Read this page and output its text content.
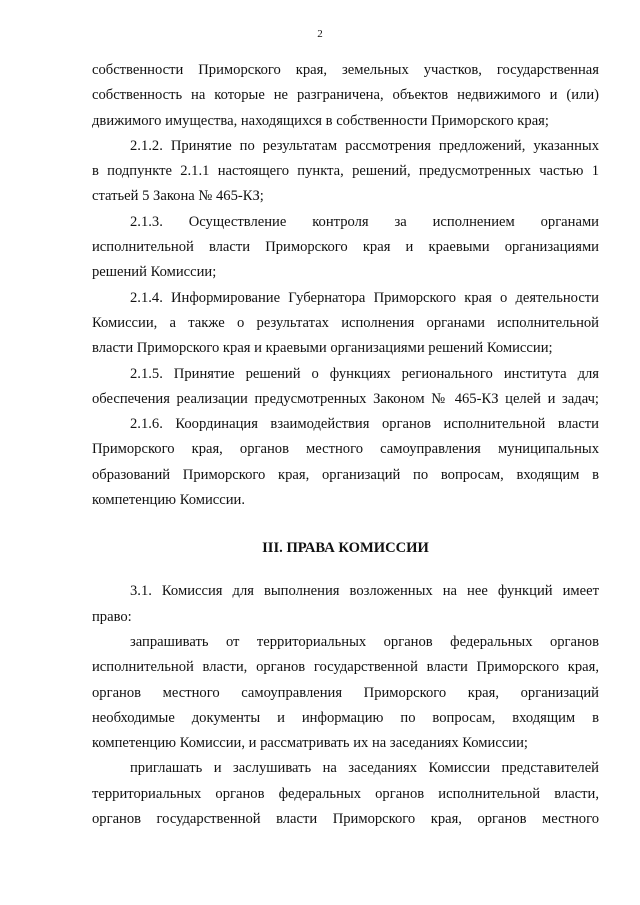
2
собственности Приморского края, земельных участков, государственная
собственность на которые не разграничена, объектов недвижимого и (или)
движимого имущества, находящихся в собственности Приморского края;
2.1.2. Принятие по результатам рассмотрения предложений, указанных
в подпункте 2.1.1 настоящего пункта, решений, предусмотренных частью 1
статьей 5 Закона № 465-КЗ;
2.1.3. Осуществление контроля за исполнением органами
исполнительной власти Приморского края и краевыми организациями
решений Комиссии;
2.1.4. Информирование Губернатора Приморского края о деятельности
Комиссии, а также о результатах исполнения органами исполнительной
власти Приморского края и краевыми организациями решений Комиссии;
2.1.5. Принятие решений о функциях регионального института для
обеспечения реализации предусмотренных Законом № 465-КЗ целей и задач;
2.1.6. Координация взаимодействия органов исполнительной власти
Приморского края, органов местного самоуправления муниципальных
образований Приморского края, организаций по вопросам, входящим в
компетенцию Комиссии.
III. ПРАВА КОМИССИИ
3.1. Комиссия для выполнения возложенных на нее функций имеет
право:
запрашивать от территориальных органов федеральных органов
исполнительной власти, органов государственной власти Приморского края,
органов местного самоуправления Приморского края, организаций
необходимые документы и информацию по вопросам, входящим в
компетенцию Комиссии, и рассматривать их на заседаниях Комиссии;
приглашать и заслушивать на заседаниях Комиссии представителей
территориальных органов федеральных органов исполнительной власти,
органов государственной власти Приморского края, органов местного
